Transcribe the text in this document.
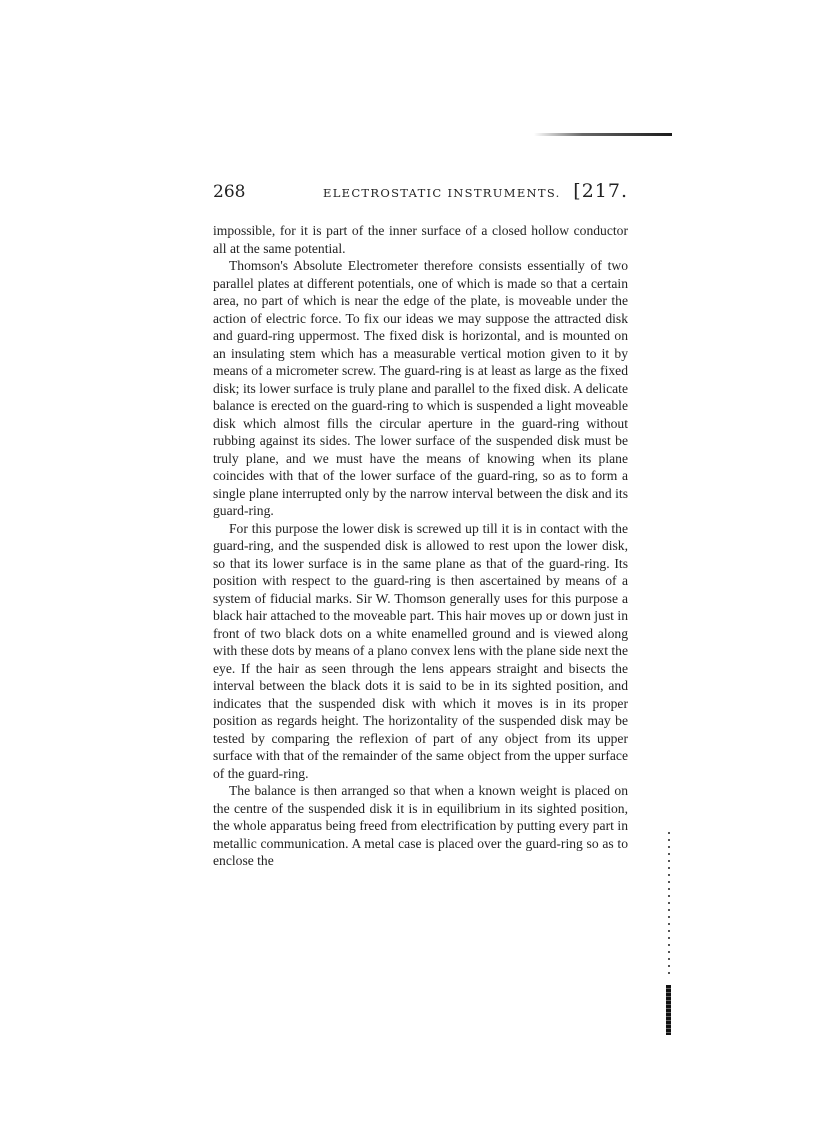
268	ELECTROSTATIC INSTRUMENTS. [217.

impossible, for it is part of the inner surface of a closed hollow conductor all at the same potential.

Thomson's Absolute Electrometer therefore consists essentially of two parallel plates at different potentials, one of which is made so that a certain area, no part of which is near the edge of the plate, is moveable under the action of electric force. To fix our ideas we may suppose the attracted disk and guard-ring uppermost. The fixed disk is horizontal, and is mounted on an insulating stem which has a measurable vertical motion given to it by means of a micrometer screw. The guard-ring is at least as large as the fixed disk; its lower surface is truly plane and parallel to the fixed disk. A delicate balance is erected on the guard-ring to which is suspended a light moveable disk which almost fills the circular aperture in the guard-ring without rubbing against its sides. The lower surface of the suspended disk must be truly plane, and we must have the means of knowing when its plane coincides with that of the lower surface of the guard-ring, so as to form a single plane interrupted only by the narrow interval between the disk and its guard-ring.

For this purpose the lower disk is screwed up till it is in contact with the guard-ring, and the suspended disk is allowed to rest upon the lower disk, so that its lower surface is in the same plane as that of the guard-ring. Its position with respect to the guard-ring is then ascertained by means of a system of fiducial marks. Sir W. Thomson generally uses for this purpose a black hair attached to the moveable part. This hair moves up or down just in front of two black dots on a white enamelled ground and is viewed along with these dots by means of a plano convex lens with the plane side next the eye. If the hair as seen through the lens appears straight and bisects the interval between the black dots it is said to be in its sighted position, and indicates that the suspended disk with which it moves is in its proper position as regards height. The horizontality of the suspended disk may be tested by comparing the reflexion of part of any object from its upper surface with that of the remainder of the same object from the upper surface of the guard-ring.

The balance is then arranged so that when a known weight is placed on the centre of the suspended disk it is in equilibrium in its sighted position, the whole apparatus being freed from electrification by putting every part in metallic communication. A metal case is placed over the guard-ring so as to enclose the
